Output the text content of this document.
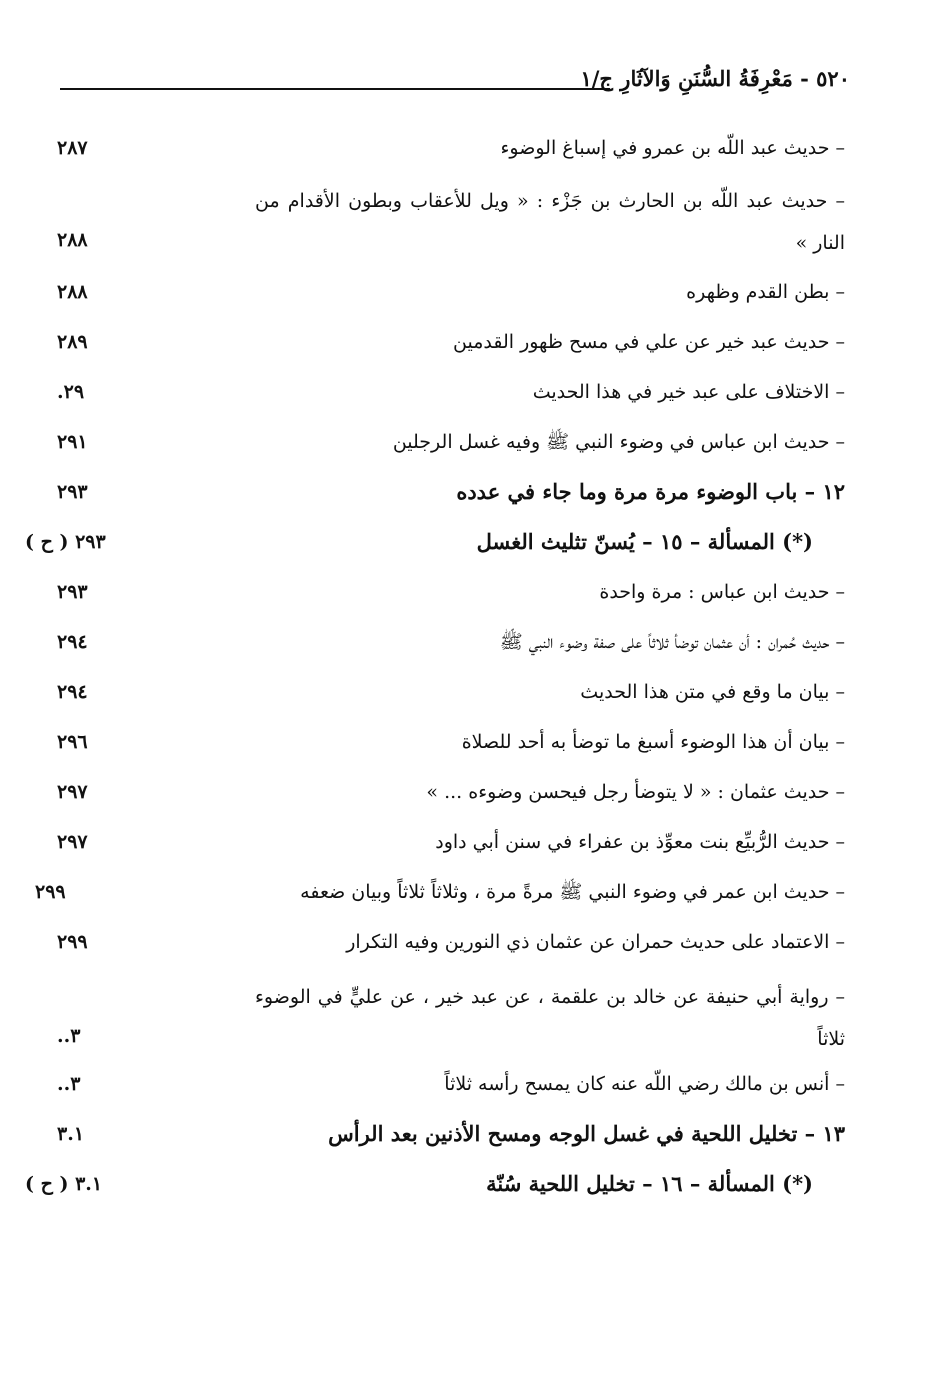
٥٢٠ - مَعْرِفَةُ السُّنَنِ وَالآثَارِ ج/١
– حديث عبد اللّه بن عمرو في إسباغ الوضوء
٢٨٧
– حديث عبد اللّه بن الحارث بن جَزْء : « ويل للأعقاب وبطون الأقدام من النار »
٢٨٨
– بطن القدم وظهره
٢٨٨
– حديث عبد خير عن علي في مسح ظهور القدمين
٢٨٩
– الاختلاف على عبد خير في هذا الحديث
٢٩.
– حديث ابن عباس في وضوء النبي ﷺ وفيه غسل الرجلين
٢٩١
١٢ – باب الوضوء مرة مرة وما جاء في عدده
٢٩٣
(*) المسألة – ١٥ – يُسنّ تثليث الغسل
٢٩٣ ( ح )
– حديث ابن عباس : مرة واحدة
٢٩٣
– حديث حُمران : أن عثمان توضأ ثلاثاً على صفة وضوء النبي ﷺ
٢٩٤
– بيان ما وقع في متن هذا الحديث
٢٩٤
– بيان أن هذا الوضوء أسبغ ما توضأ به أحد للصلاة
٢٩٦
– حديث عثمان : « لا يتوضأ رجل فيحسن وضوءه ... »
٢٩٧
– حديث الرُّبيِّع بنت معوِّذ بن عفراء في سنن أبي داود
٢٩٧
– حديث ابن عمر في وضوء النبي ﷺ مرةً مرة ، وثلاثاً ثلاثاً وبيان ضعفه
٢٩٩
– الاعتماد على حديث حمران عن عثمان ذي النورين وفيه التكرار
٢٩٩
– رواية أبي حنيفة عن خالد بن علقمة ، عن عبد خير ، عن عليٍّ في الوضوء ثلاثاً
٣..
– أنس بن مالك رضي اللّه عنه كان يمسح رأسه ثلاثاً
٣..
١٣ – تخليل اللحية في غسل الوجه ومسح الأذنين بعد الرأس
٣.١
(*) المسألة – ١٦ – تخليل اللحية سُنّة
٣.١ ( ح )
